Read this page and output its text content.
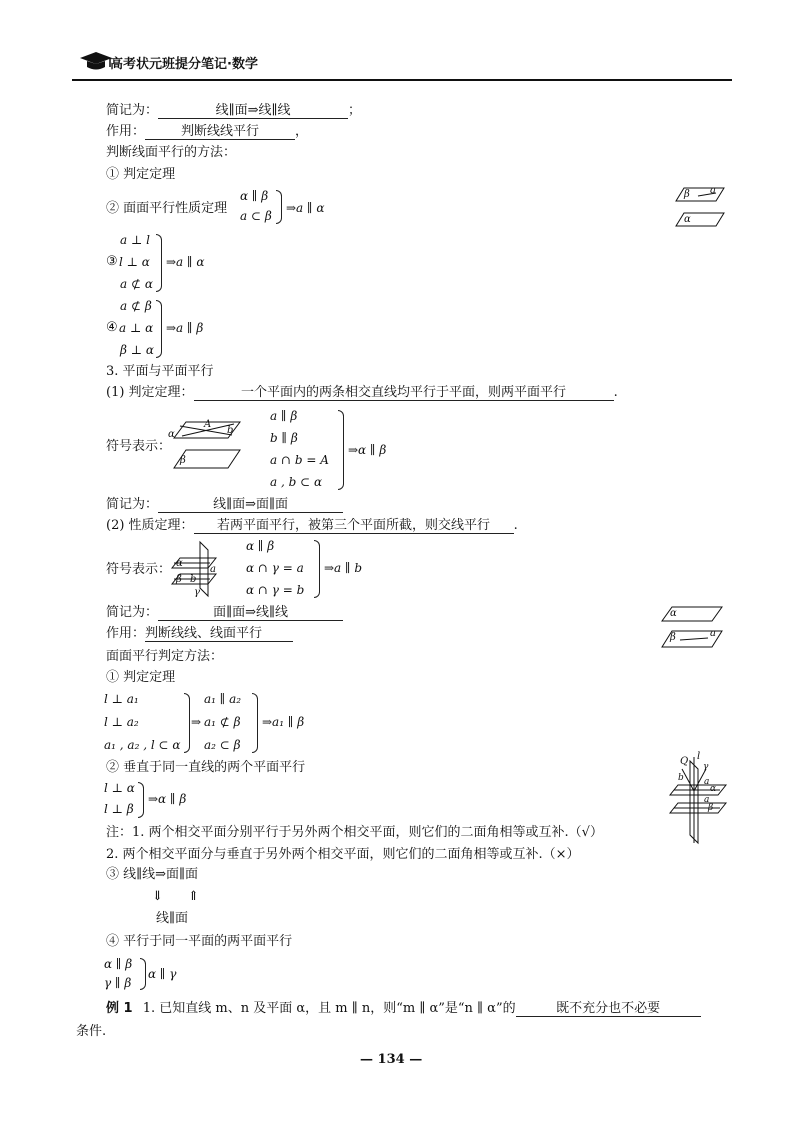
高考状元班提分笔记·数学
简记为：	线∥面⇒线∥线	；
作用：	判断线线平行	，
判断线面平行的方法：
① 判定定理
② 面面平行性质定理
α ∥ β
a ⊂ β
⇒a ∥ α
a ⊥ l
③ l ⊥ α
a ⊄ α
⇒a ∥ α
a ⊄ β
④ a ⊥ α
β ⊥ α
⇒a ∥ β
β a
α
3. 平面与平面平行
(1) 判定定理：	一个平面内的两条相交直线均平行于平面，则两平面平行	.
符号表示：
α
A
b
β
a ∥ β
b ∥ β
a ∩ b = A
a , b ⊂ α
⇒α ∥ β
简记为：	线∥面⇒面∥面
(2) 性质定理： 若两平面平行，被第三个平面所截，则交线平行 .
符号表示： α
a
β b
γ
α ∥ β
α ∩ γ = a
α ∩ γ = b
⇒a ∥ b
简记为：	面∥面⇒线∥线
作用：判断线线、线面平行
α
β	a
面面平行判定方法：
① 判定定理
l ⊥ a₁
l ⊥ a₂
a₁ , a₂ , l ⊂ α
⇒
a₁ ∥ a₂
a₁ ⊄ β
a₂ ⊂ β
⇒a₁ ∥ β
② 垂直于同一直线的两个平面平行
l ⊥ α
l ⊥ β
⇒α ∥ β
Q l
γ
b a
α
a
β
注：1. 两个相交平面分别平行于另外两个相交平面，则它们的二面角相等或互补.（√）
2. 两个相交平面分与垂直于另外两个相交平面，则它们的二面角相等或互补.（×）
③ 线∥线⇒面∥面
⇓ ⇑
线∥面
④ 平行于同一平面的两平面平行
α ∥ β
γ ∥ β
α ∥ γ
例 1 1. 已知直线 m、n 及平面 α，且 m ∥ n，则“m ∥ α”是“n ∥ α”的	既不充分也不必要
条件.
— 134 —
